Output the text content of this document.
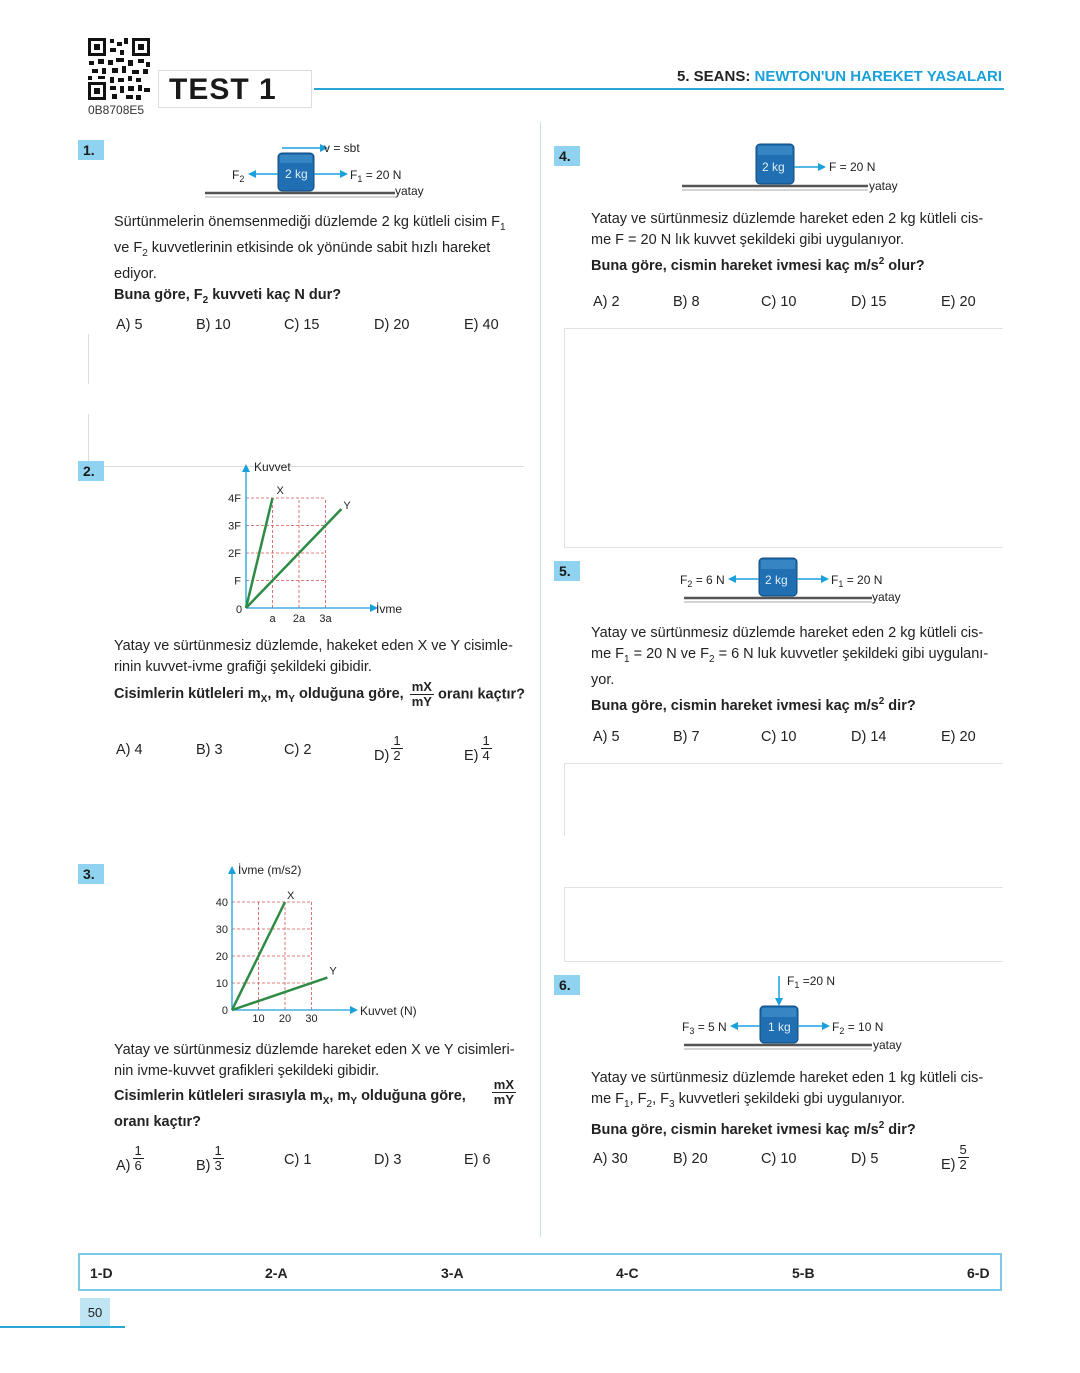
0B8708E5
TEST 1	5. SEANS: NEWTON'UN HAREKET YASALARI
1.	v = sbt
2 kg
$F_2$	$F_1 = 20$ N
yatay
Sürtünmelerin önemsenmediği düzlemde 2 kg kütleli cisim $F_1$
ve $F_2$ kuvvetlerinin etkisinde ok yönünde sabit hızlı hareket
ediyor.
Buna göre, $F_2$ kuvveti kaç N dur?
A) 5	B) 10	C) 15	D) 20	E) 40
2.	Kuvvet
İvme
0
a 2a 3a
F
2F
3F
4F
X
Y
Yatay ve sürtünmesiz düzlemde, hakeket eden X ve Y cisimle-
rinin kuvvet-ivme grafiği şekildeki gibidir.
Cisimlerin kütleleri $m_X$, $m_Y$ olduğuna göre, $\frac{mX}{mY}$ oranı kaçtır?
A) 4	B) 3	C) 2	$D) \frac{1}{2}$	$E) \frac{1}{4}$
3.	İvme (m/s2)
Kuvvet (N)
10 20 30
0
10
20
30
40
X
Y
Yatay ve sürtünmesiz düzlemde hareket eden X ve Y cisimleri-
nin ivme-kuvvet grafikleri şekildeki gibidir.
Cisimlerin kütleleri sırasıyla $m_X$, $m_Y$ olduğuna göre, $\frac{mX}{mY}$
oranı kaçtır?
$A) \frac{1}{6}$	$B) \frac{1}{3}$	C) 1	D) 3	E) 6
4.
2 kg	F = 20 N
yatay
Yatay ve sürtünmesiz düzlemde hareket eden 2 kg kütleli cis-
me F = 20 N lık kuvvet şekildeki gibi uygulanıyor.
Buna göre, cismin hareket ivmesi kaç $m/s^2$ olur?
A) 2	B) 8	C) 10	D) 15	E) 20
5.
2 kg
$F_2 = 6$ N	$F_1 = 20$ N
yatay
Yatay ve sürtünmesiz düzlemde hareket eden 2 kg kütleli cis-
me $F_1 = 20$ N ve $F_2 = 6$ N luk kuvvetler şekildeki gibi uygulanı-
yor.
Buna göre, cismin hareket ivmesi kaç $m/s^2$ dir?
A) 5	B) 7	C) 10	D) 14	E) 20
6.
1 kg
$F_1 =20$ N
$F_3 = 5$ N	$F_2 = 10$ N
yatay
Yatay ve sürtünmesiz düzlemde hareket eden 1 kg kütleli cis-
me $F_1$, $F_2$, $F_3$ kuvvetleri şekildeki gbi uygulanıyor.
Buna göre, cismin hareket ivmesi kaç $m/s^2$ dir?
A) 30	B) 20	C) 10	D) 5	$E) \frac{5}{2}$
1-D	2-A	3-A	4-C	5-B	6-D
50
